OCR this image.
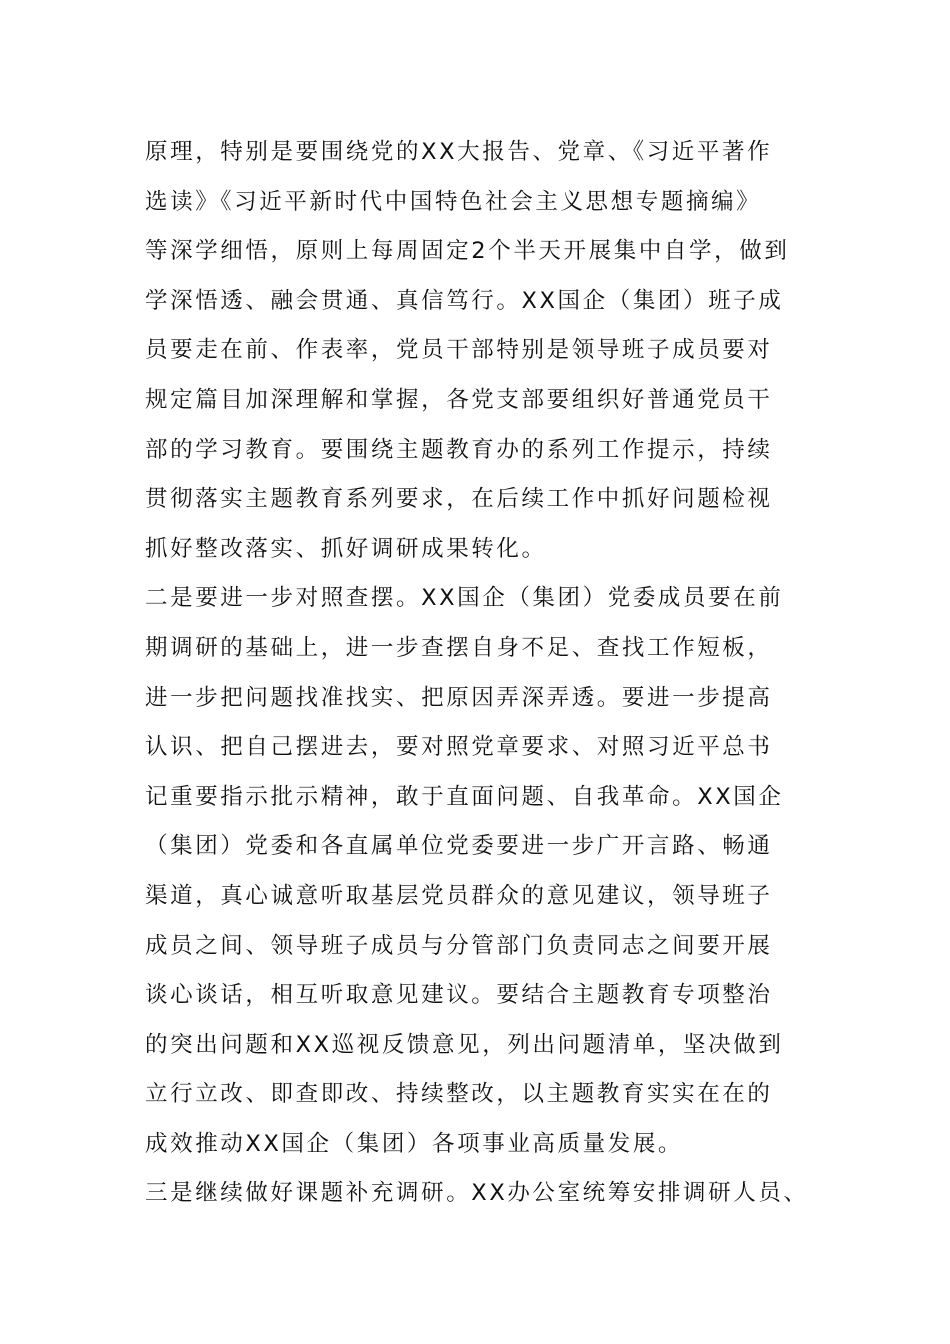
原理，特别是要围绕党的XX大报告、党章、《习近平著作
选读》《习近平新时代中国特色社会主义思想专题摘编》
等深学细悟，原则上每周固定2个半天开展集中自学，做到
学深悟透、融会贯通、真信笃行。XX国企（集团）班子成
员要走在前、作表率，党员干部特别是领导班子成员要对
规定篇目加深理解和掌握，各党支部要组织好普通党员干
部的学习教育。要围绕主题教育办的系列工作提示，持续
贯彻落实主题教育系列要求，在后续工作中抓好问题检视
抓好整改落实、抓好调研成果转化。
二是要进一步对照查摆。XX国企（集团）党委成员要在前
期调研的基础上，进一步查摆自身不足、查找工作短板，
进一步把问题找准找实、把原因弄深弄透。要进一步提高
认识、把自己摆进去，要对照党章要求、对照习近平总书
记重要指示批示精神，敢于直面问题、自我革命。XX国企
（集团）党委和各直属单位党委要进一步广开言路、畅通
渠道，真心诚意听取基层党员群众的意见建议，领导班子
成员之间、领导班子成员与分管部门负责同志之间要开展
谈心谈话，相互听取意见建议。要结合主题教育专项整治
的突出问题和XX巡视反馈意见，列出问题清单，坚决做到
立行立改、即查即改、持续整改，以主题教育实实在在的
成效推动XX国企（集团）各项事业高质量发展。
三是继续做好课题补充调研。XX办公室统筹安排调研人员、
